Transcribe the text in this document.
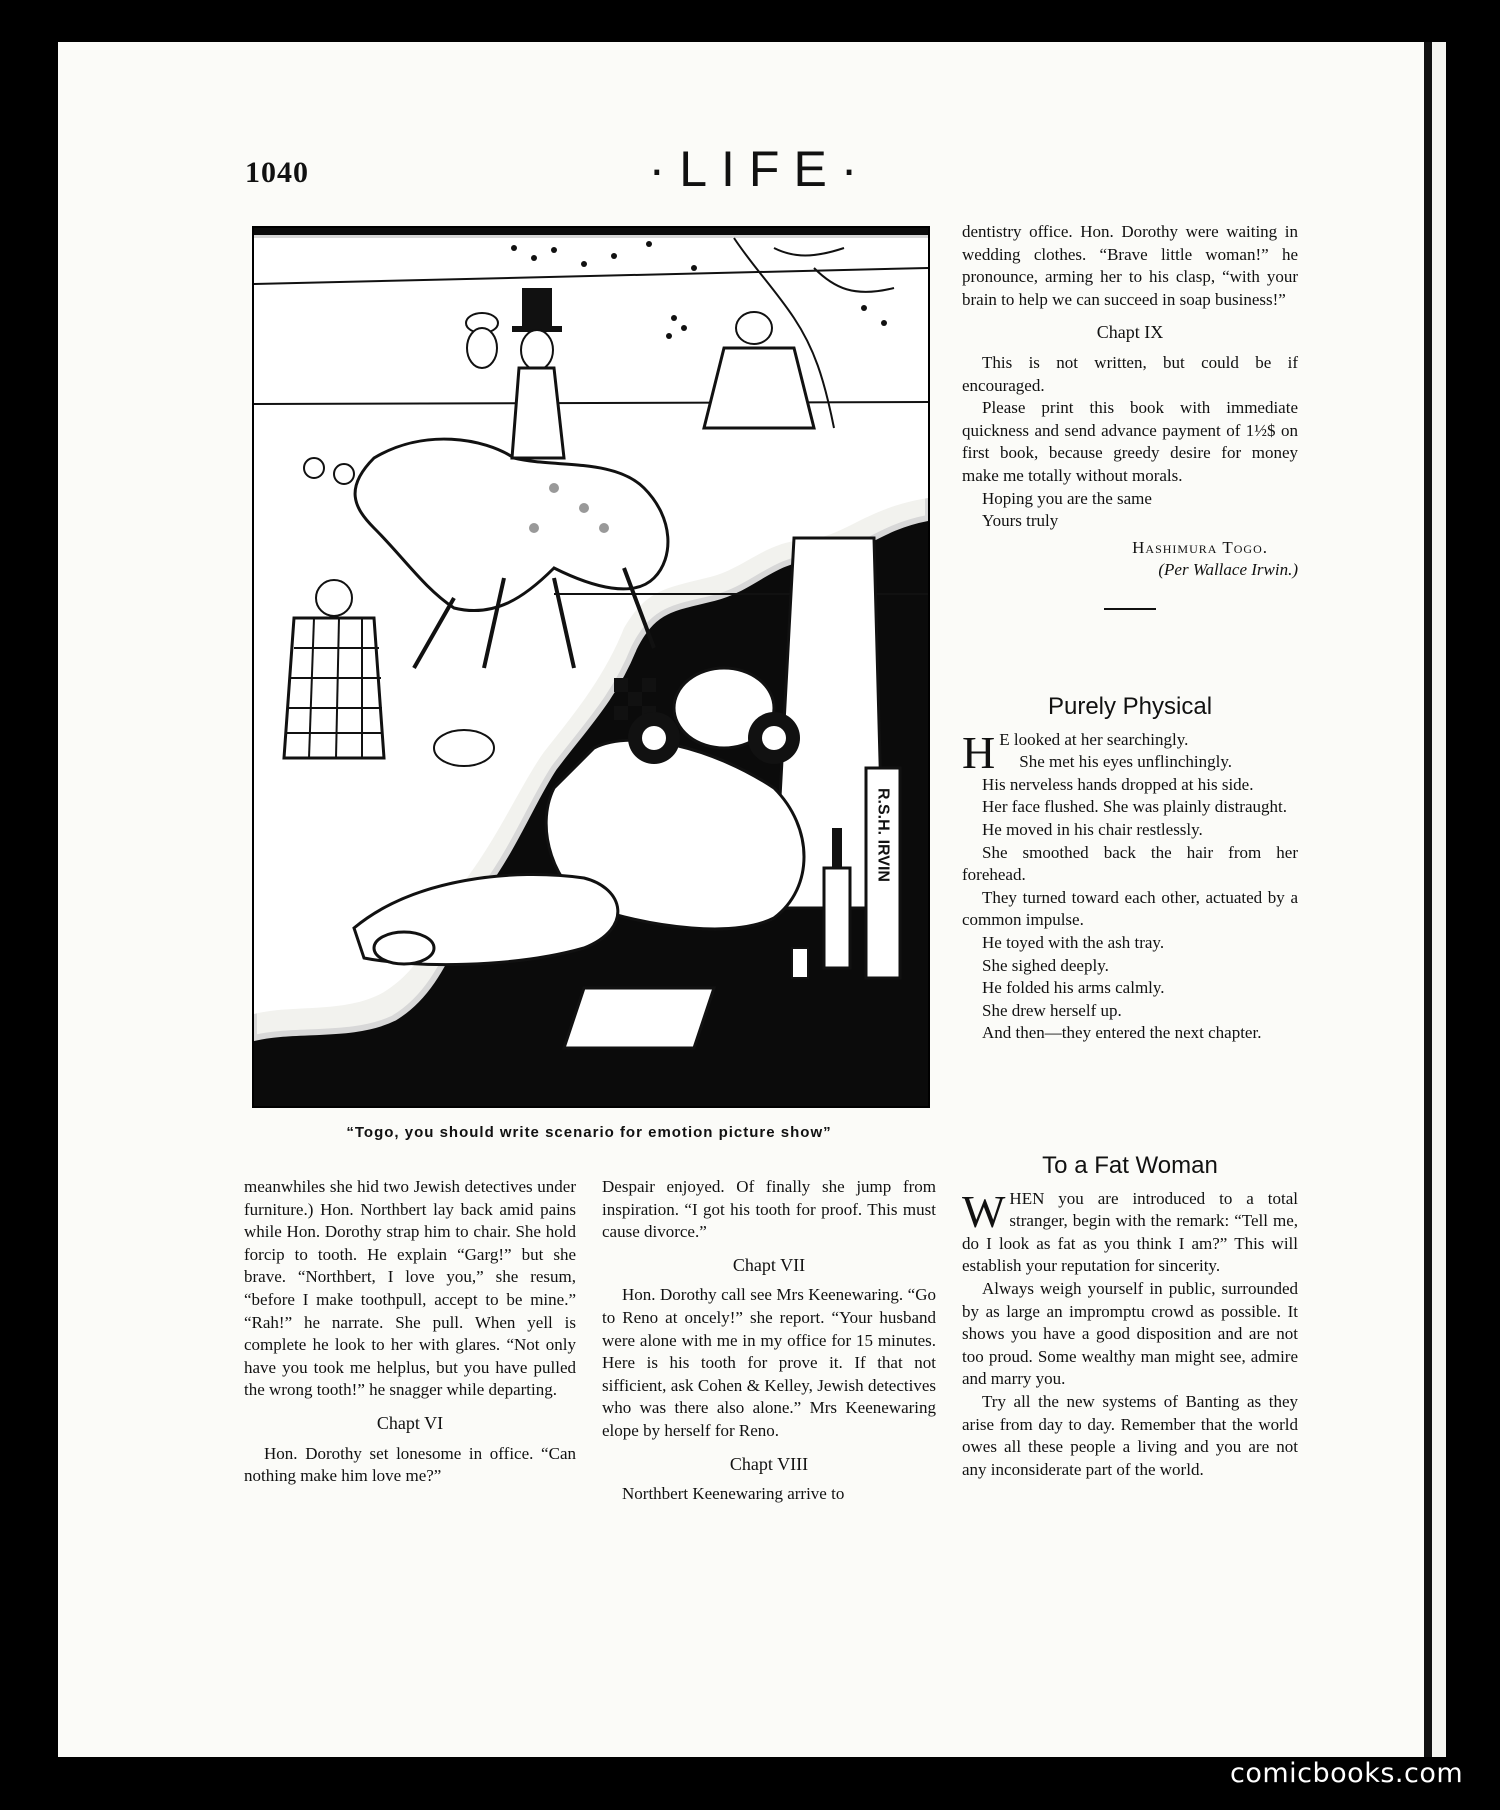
1040	·LIFE·
R.S.H. IRVIN
“Togo, you should write scenario for emotion picture show”

meanwhiles she hid two Jewish detectives under furniture.) Hon. Northbert lay back amid pains while Hon. Dorothy strap him to chair. She hold forcip to tooth. He explain “Garg!” but she brave. “Northbert, I love you,” she resum, “before I make toothpull, accept to be mine.” “Rah!” he narrate. She pull. When yell is complete he look to her with glares. “Not only have you took me helplus, but you have pulled the wrong tooth!” he snagger while departing.

Chapt VI

Hon. Dorothy set lonesome in office. “Can nothing make him love me?”

Despair enjoyed. Of finally she jump from inspiration. “I got his tooth for proof. This must cause divorce.”

Chapt VII

Hon. Dorothy call see Mrs Keenewaring. “Go to Reno at oncely!” she report. “Your husband were alone with me in my office for 15 minutes. Here is his tooth for prove it. If that not sifficient, ask Cohen & Kelley, Jewish detectives who was there also alone.” Mrs Keenewaring elope by herself for Reno.

Chapt VIII

Northbert Keenewaring arrive to

dentistry office. Hon. Dorothy were waiting in wedding clothes. “Brave little woman!” he pronounce, arming her to his clasp, “with your brain to help we can succeed in soap business!”

Chapt IX

This is not written, but could be if encouraged.

Please print this book with immediate quickness and send advance payment of 1½$ on first book, because greedy desire for money make me totally without morals.

Hoping you are the same

Yours truly

Hashimura Togo.
(Per Wallace Irwin.)
Purely Physical

H E looked at her searchingly.

She met his eyes unflinchingly.

His nerveless hands dropped at his side.

Her face flushed. She was plainly distraught.

He moved in his chair restlessly.

She smoothed back the hair from her forehead.

They turned toward each other, actuated by a common impulse.

He toyed with the ash tray.

She sighed deeply.

He folded his arms calmly.

She drew herself up.

And then—they entered the next chapter.

To a Fat Woman

WHEN you are introduced to a total stranger, begin with the remark: “Tell me, do I look as fat as you think I am?” This will establish your reputation for sincerity.

Always weigh yourself in public, surrounded by as large an impromptu crowd as possible. It shows you have a good disposition and are not too proud. Some wealthy man might see, admire and marry you.

Try all the new systems of Banting as they arise from day to day. Remember that the world owes all these people a living and you are not any inconsiderate part of the world.

comicbooks.com
